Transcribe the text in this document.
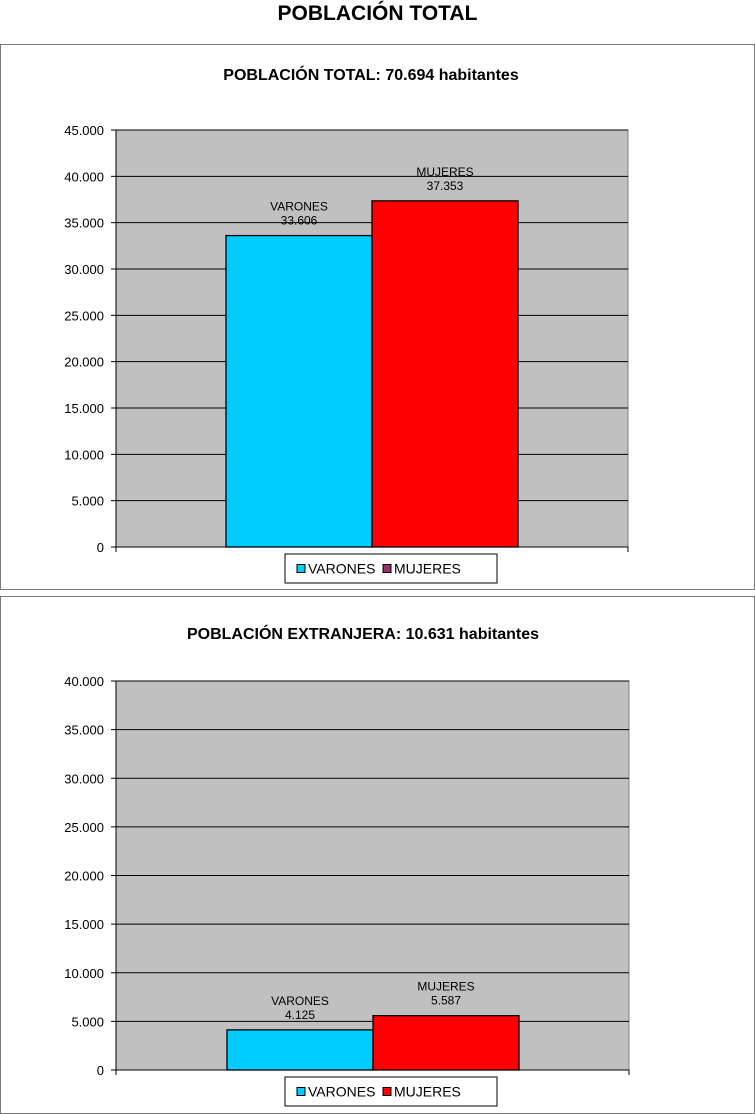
POBLACIÓN TOTAL
POBLACIÓN TOTAL: 70.694 habitantes
0
5.000
10.000
15.000
20.000
25.000
30.000
35.000
40.000
45.000
VARONES
33.606
MUJERES
37.353
VARONES MUJERES
POBLACIÓN EXTRANJERA: 10.631 habitantes
0
5.000
10.000
15.000
20.000
25.000
30.000
35.000
40.000
VARONES
4.125
MUJERES
5.587
VARONES MUJERES
